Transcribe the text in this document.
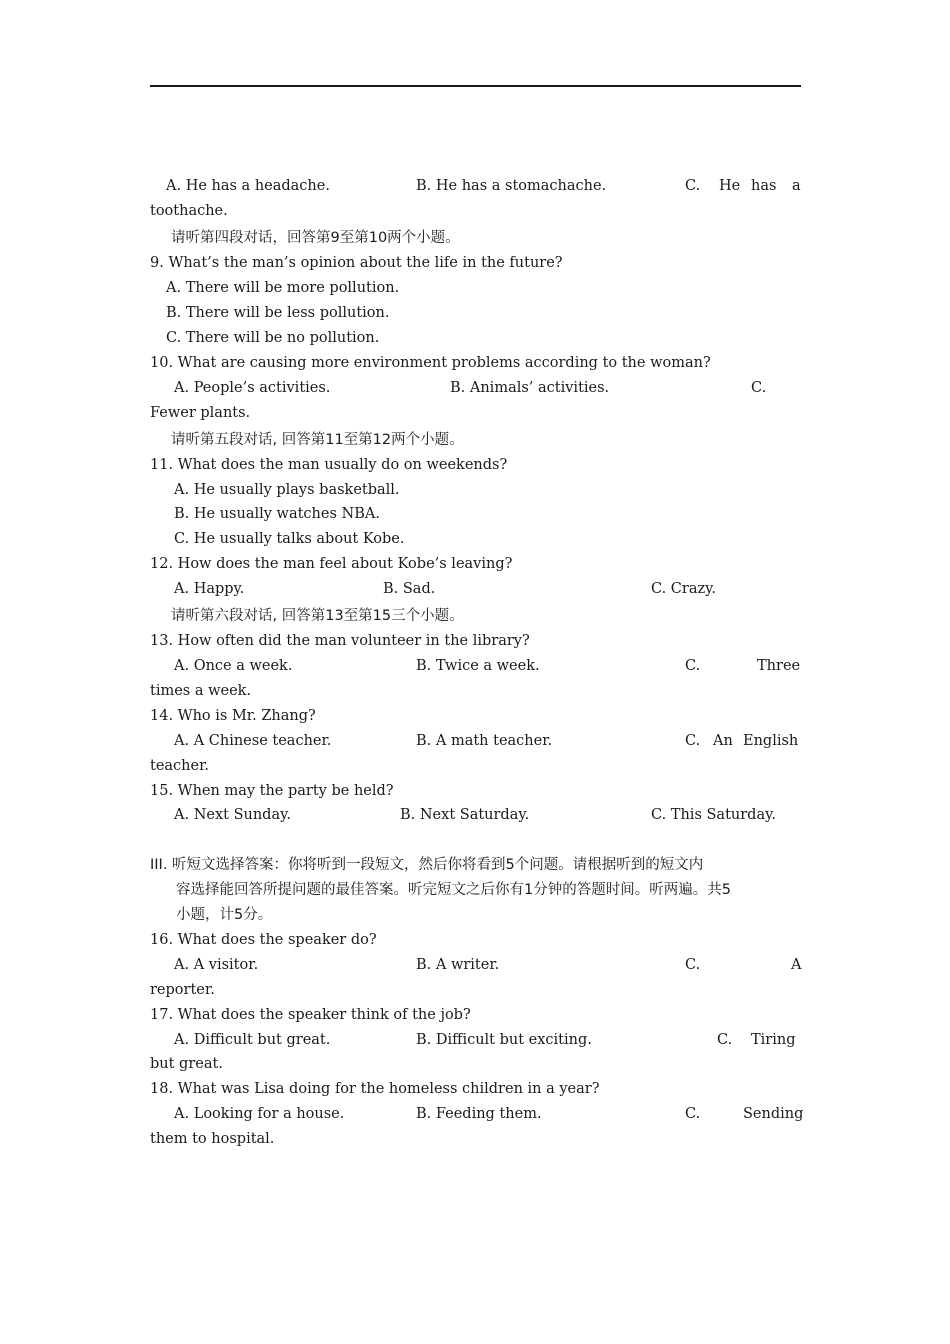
A. He has a headache.

	B. He has a stomachache.

	C.

He

has

a

toothache.
请听第四段对话，回答第9至第10两个小题。
9. What’s the man’s opinion about the life in the future?
A. There will be more pollution.
B. There will be less pollution.
C. There will be no pollution.
10. What are causing more environment problems according to the woman?

A. People’s activities.

	B. Animals’ activities.

	C.

Fewer plants.
请听第五段对话, 回答第11至第12两个小题。
11. What does the man usually do on weekends?
A. He usually plays basketball.
B. He usually watches NBA.
C. He usually talks about Kobe.
12. How does the man feel about Kobe’s leaving?

A. Happy.

	B. Sad.

	C. Crazy.

请听第六段对话, 回答第13至第15三个小题。
13. How often did the man volunteer in the library?

A. Once a week.

	B. Twice a week.

	C.

	Three

times a week.
14. Who is Mr. Zhang?

A. A Chinese teacher.

	B. A math teacher.

	C.

An

English

teacher.
15. When may the party be held?

A. Next Sunday.

	B. Next Saturday.

	C. This Saturday.

III. 听短文选择答案：你将听到一段短文，然后你将看到5个问题。请根据听到的短文内
容选择能回答所提问题的最佳答案。听完短文之后你有1分钟的答题时间。听两遍。共5
小题，计5分。
16. What does the speaker do?

A. A visitor.

	B. A writer.

	C.

	A

reporter.
17. What does the speaker think of the job?

A. Difficult but great.

	B. Difficult but exciting.

	C.

Tiring

but great.
18. What was Lisa doing for the homeless children in a year?

A. Looking for a house.

	B. Feeding them.

	C.

	Sending

them to hospital.
